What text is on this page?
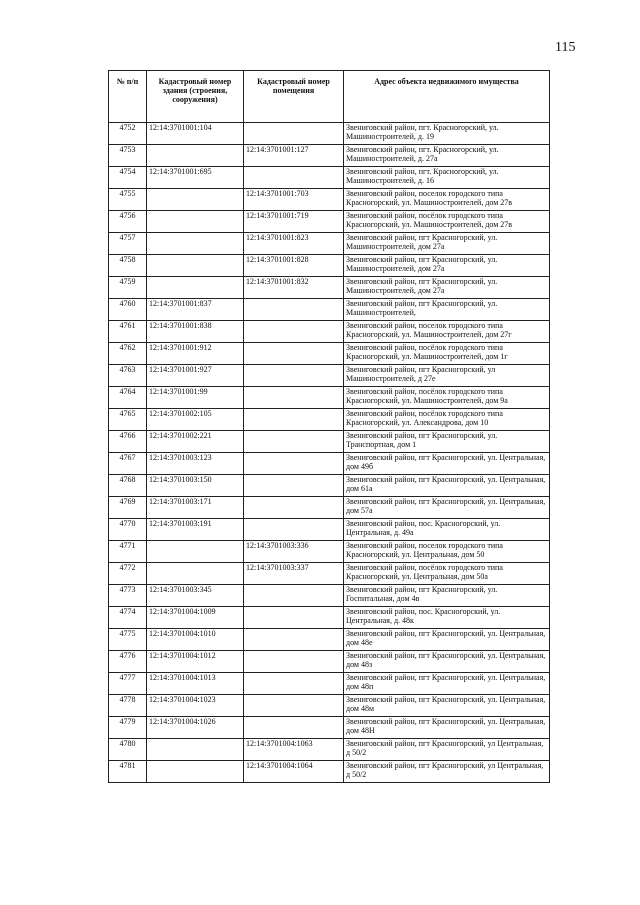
115
№ п/п	Кадастровый номер здания (строения, сооружения)	Кадастровый номер помещения	Адрес объекта недвижимого имущества
4752	12:14:3701001:104		Звениговский район, пгт. Красногорский, ул. Машиностроителей, д. 19
4753		12:14:3701001:127	Звениговский район, пгт. Красногорский, ул. Машиностроителей, д. 27а
4754	12:14:3701001:695		Звениговский район, пгт. Красногорский, ул. Машиностроителей, д. 16
4755		12:14:3701001:703	Звениговский район, поселок городского типа Красногорский, ул. Машиностроителей, дом 27в
4756		12:14:3701001:719	Звениговский район, посёлок городского типа Красногорский, ул. Машиностроителей, дом 27в
4757		12:14:3701001:823	Звениговский район, пгт Красногорский, ул. Машиностроителей, дом 27а
4758		12:14:3701001:828	Звениговский район, пгт Красногорский, ул. Машиностроителей, дом 27а
4759		12:14:3701001:832	Звениговский район, пгт Красногорский, ул. Машиностроителей, дом 27а
4760	12:14:3701001:837		Звениговский район, пгт Красногорский, ул. Машиностроителей,
4761	12:14:3701001:838		Звениговский район, поселок городского типа Красногорский, ул. Машиностроителей, дом 27г
4762	12:14:3701001:912		Звениговский район, посёлок городского типа Красногорский, ул. Машиностроителей, дом 1г
4763	12:14:3701001:927		Звениговский район, пгт Красногорский, ул Машиностроителей, д 27е
4764	12:14:3701001:99		Звениговский район, посёлок городского типа Красногорский, ул. Машиностроителей, дом 9а
4765	12:14:3701002:105		Звениговский район, посёлок городского типа Красногорский, ул. Александрова, дом 10
4766	12:14:3701002:221		Звениговский район, пгт Красногорский, ул. Транспортная, дом 1
4767	12:14:3701003:123		Звениговский район, пгт Красногорский, ул. Центральная, дом 49б
4768	12:14:3701003:150		Звениговский район, пгт Красногорский, ул. Центральная, дом 61а
4769	12:14:3701003:171		Звениговский район, пгт Красногорский, ул. Центральная, дом 57а
4770	12:14:3701003:191		Звениговский район, пос. Красногорский, ул. Центральная, д. 49а
4771		12:14:3701003:336	Звениговский район, поселок городского типа Красногорский, ул. Центральная, дом 50
4772		12:14:3701003:337	Звениговский район, посёлок городского типа Красногорский, ул. Центральная, дом 50а
4773	12:14:3701003:345		Звениговский район, пгт Красногорский, ул. Госпитальная, дом 4в
4774	12:14:3701004:1009		Звениговский район, пос. Красногорский, ул. Центральная, д. 48к
4775	12:14:3701004:1010		Звениговский район, пгт Красногорский, ул. Центральная, дом 48е
4776	12:14:3701004:1012		Звениговский район, пгт Красногорский, ул. Центральная, дом 48з
4777	12:14:3701004:1013		Звениговский район, пгт Красногорский, ул. Центральная, дом 48п
4778	12:14:3701004:1023		Звениговский район, пгт Красногорский, ул. Центральная, дом 48м
4779	12:14:3701004:1026		Звениговский район, пгт Красногорский, ул. Центральная, дом 48Н
4780		12:14:3701004:1063	Звениговский район, пгт Красногорский, ул Центральная, д 50/2
4781		12:14:3701004:1064	Звениговский район, пгт Красногорский, ул Центральная, д 50/2
